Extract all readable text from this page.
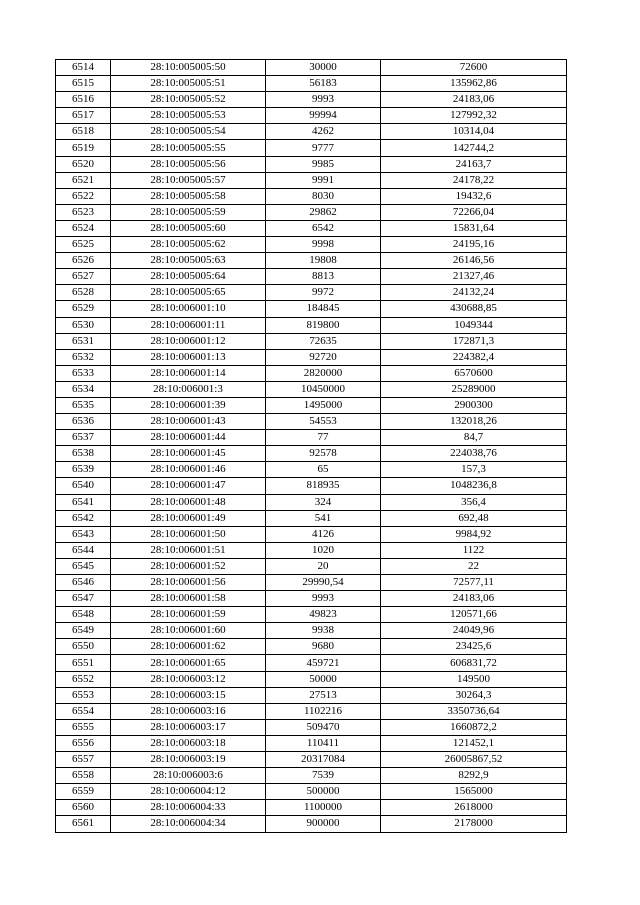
6514	28:10:005005:50	30000	72600
6515	28:10:005005:51	56183	135962,86
6516	28:10:005005:52	9993	24183,06
6517	28:10:005005:53	99994	127992,32
6518	28:10:005005:54	4262	10314,04
6519	28:10:005005:55	9777	142744,2
6520	28:10:005005:56	9985	24163,7
6521	28:10:005005:57	9991	24178,22
6522	28:10:005005:58	8030	19432,6
6523	28:10:005005:59	29862	72266,04
6524	28:10:005005:60	6542	15831,64
6525	28:10:005005:62	9998	24195,16
6526	28:10:005005:63	19808	26146,56
6527	28:10:005005:64	8813	21327,46
6528	28:10:005005:65	9972	24132,24
6529	28:10:006001:10	184845	430688,85
6530	28:10:006001:11	819800	1049344
6531	28:10:006001:12	72635	172871,3
6532	28:10:006001:13	92720	224382,4
6533	28:10:006001:14	2820000	6570600
6534	28:10:006001:3	10450000	25289000
6535	28:10:006001:39	1495000	2900300
6536	28:10:006001:43	54553	132018,26
6537	28:10:006001:44	77	84,7
6538	28:10:006001:45	92578	224038,76
6539	28:10:006001:46	65	157,3
6540	28:10:006001:47	818935	1048236,8
6541	28:10:006001:48	324	356,4
6542	28:10:006001:49	541	692,48
6543	28:10:006001:50	4126	9984,92
6544	28:10:006001:51	1020	1122
6545	28:10:006001:52	20	22
6546	28:10:006001:56	29990,54	72577,11
6547	28:10:006001:58	9993	24183,06
6548	28:10:006001:59	49823	120571,66
6549	28:10:006001:60	9938	24049,96
6550	28:10:006001:62	9680	23425,6
6551	28:10:006001:65	459721	606831,72
6552	28:10:006003:12	50000	149500
6553	28:10:006003:15	27513	30264,3
6554	28:10:006003:16	1102216	3350736,64
6555	28:10:006003:17	509470	1660872,2
6556	28:10:006003:18	110411	121452,1
6557	28:10:006003:19	20317084	26005867,52
6558	28:10:006003:6	7539	8292,9
6559	28:10:006004:12	500000	1565000
6560	28:10:006004:33	1100000	2618000
6561	28:10:006004:34	900000	2178000
